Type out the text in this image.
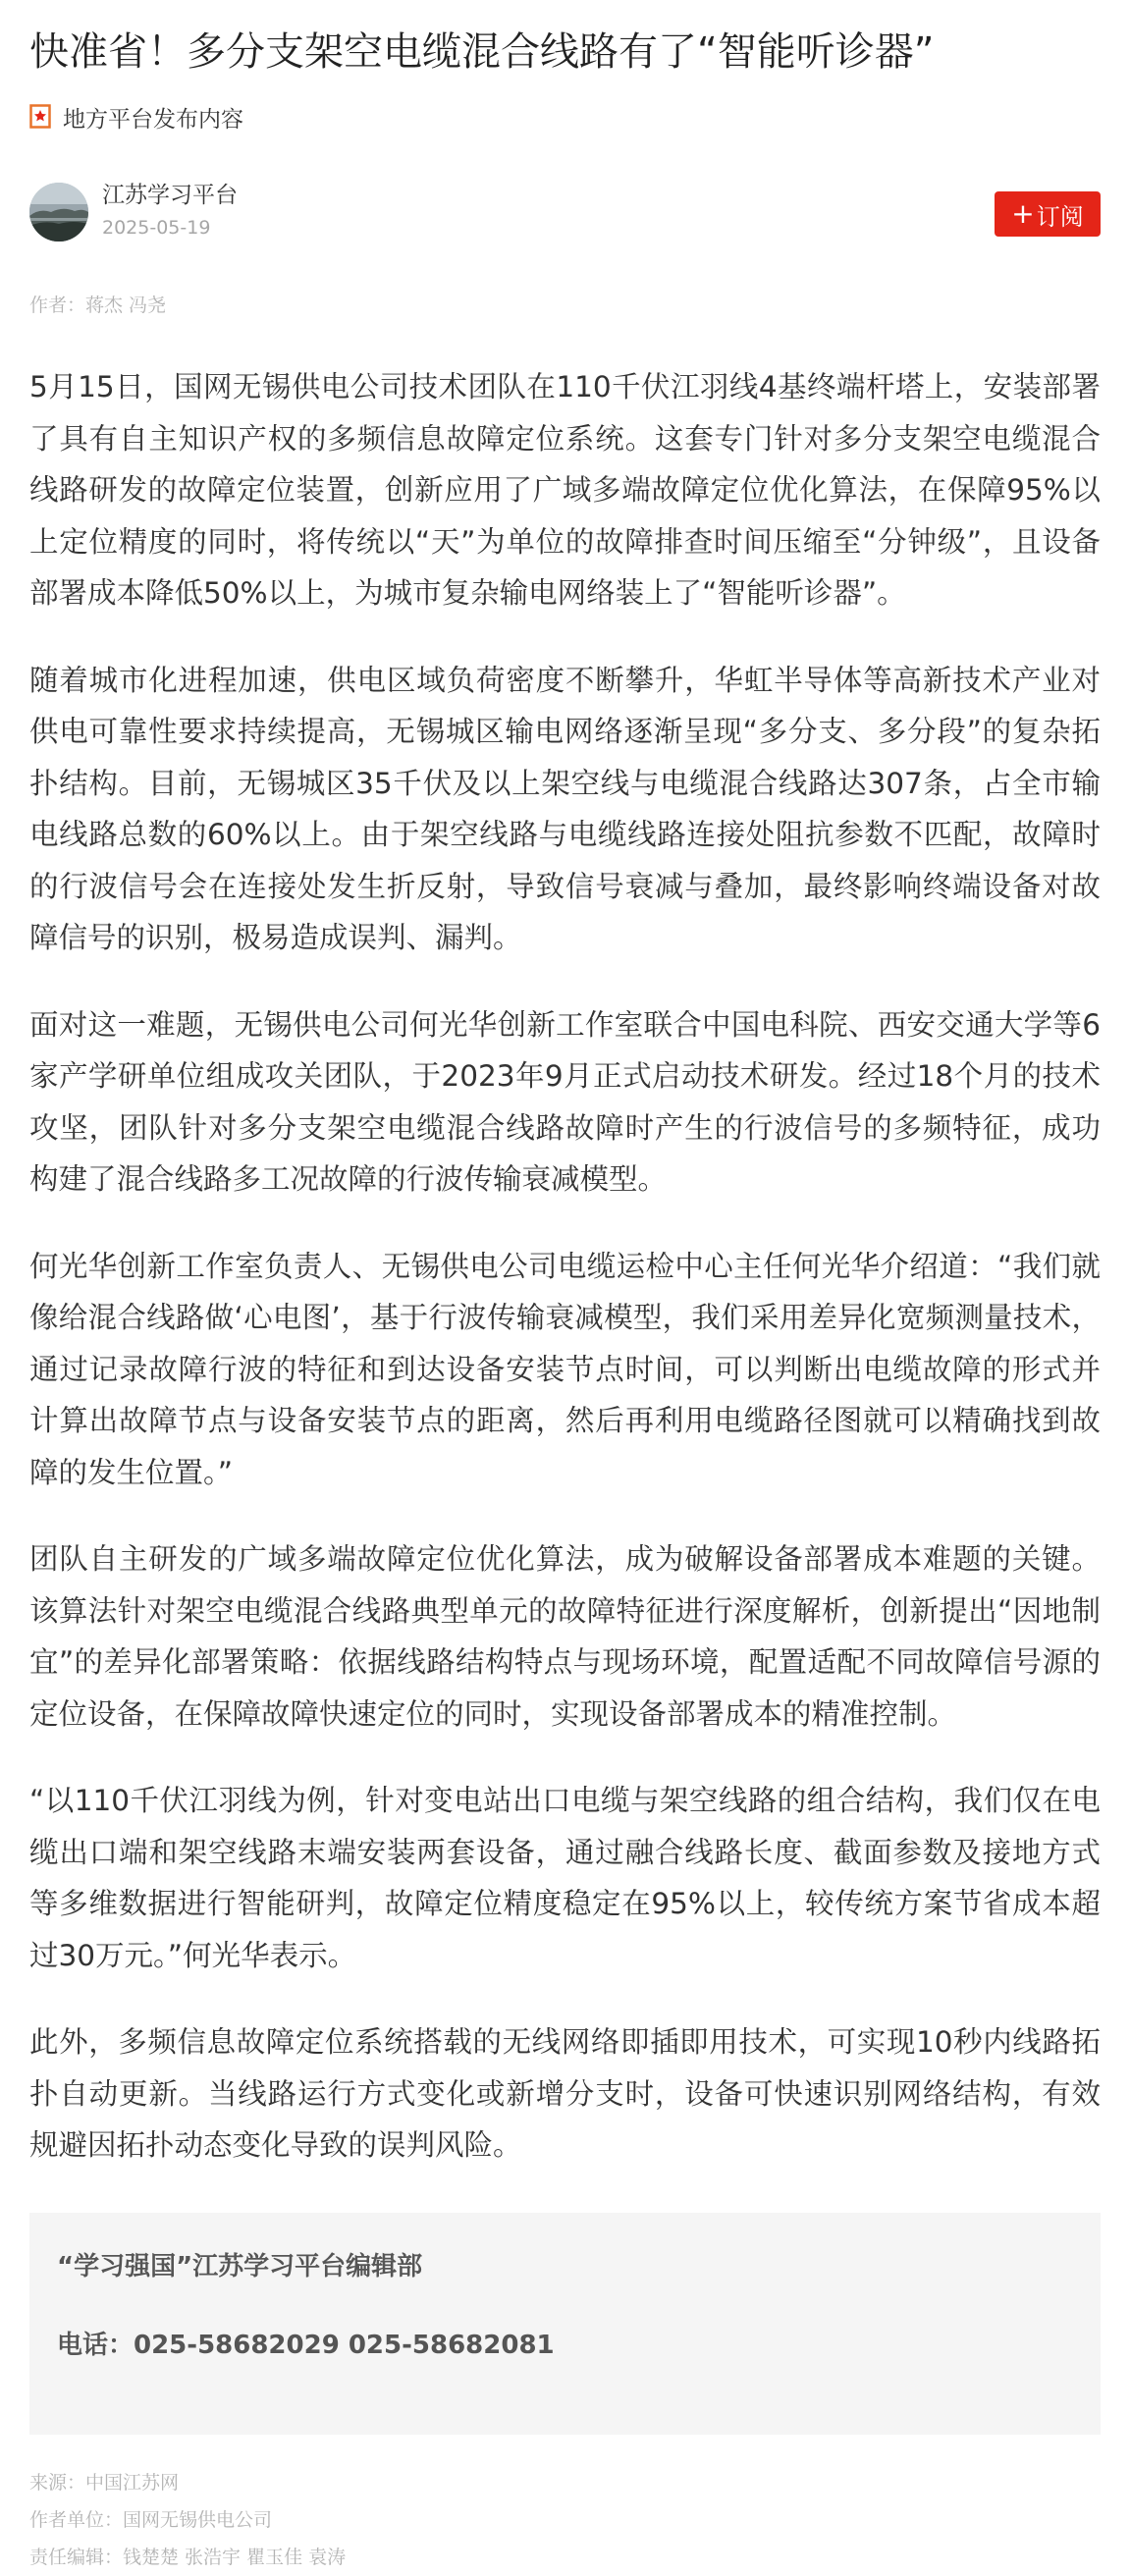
快准省！多分支架空电缆混合线路有了“智能听诊器”
地方平台发布内容
江苏学习平台
2025-05-19	+ 订阅
作者：蒋杰 冯尧

5月15日，国网无锡供电公司技术团队在110千伏江羽线4基终端杆塔上，安装部署了具有自主知识产权的多频信息故障定位系统。这套专门针对多分支架空电缆混合线路研发的故障定位装置，创新应用了广域多端故障定位优化算法，在保障95%以上定位精度的同时，将传统以“天”为单位的故障排查时间压缩至“分钟级”，且设备部署成本降低50%以上，为城市复杂输电网络装上了“智能听诊器”。

随着城市化进程加速，供电区域负荷密度不断攀升，华虹半导体等高新技术产业对供电可靠性要求持续提高，无锡城区输电网络逐渐呈现“多分支、多分段”的复杂拓扑结构。目前，无锡城区35千伏及以上架空线与电缆混合线路达307条，占全市输电线路总数的60%以上。由于架空线路与电缆线路连接处阻抗参数不匹配，故障时的行波信号会在连接处发生折反射，导致信号衰减与叠加，最终影响终端设备对故障信号的识别，极易造成误判、漏判。

面对这一难题，无锡供电公司何光华创新工作室联合中国电科院、西安交通大学等6家产学研单位组成攻关团队，于2023年9月正式启动技术研发。经过18个月的技术攻坚，团队针对多分支架空电缆混合线路故障时产生的行波信号的多频特征，成功构建了混合线路多工况故障的行波传输衰减模型。

何光华创新工作室负责人、无锡供电公司电缆运检中心主任何光华介绍道：“我们就像给混合线路做‘心电图’，基于行波传输衰减模型，我们采用差异化宽频测量技术，通过记录故障行波的特征和到达设备安装节点时间，可以判断出电缆故障的形式并计算出故障节点与设备安装节点的距离，然后再利用电缆路径图就可以精确找到故障的发生位置。”

团队自主研发的广域多端故障定位优化算法，成为破解设备部署成本难题的关键。该算法针对架空电缆混合线路典型单元的故障特征进行深度解析，创新提出“因地制宜”的差异化部署策略：依据线路结构特点与现场环境，配置适配不同故障信号源的定位设备，在保障故障快速定位的同时，实现设备部署成本的精准控制。

“以110千伏江羽线为例，针对变电站出口电缆与架空线路的组合结构，我们仅在电缆出口端和架空线路末端安装两套设备，通过融合线路长度、截面参数及接地方式等多维数据进行智能研判，故障定位精度稳定在95%以上，较传统方案节省成本超过30万元。”何光华表示。

此外，多频信息故障定位系统搭载的无线网络即插即用技术，可实现10秒内线路拓扑自动更新。当线路运行方式变化或新增分支时，设备可快速识别网络结构，有效规避因拓扑动态变化导致的误判风险。

“学习强国”江苏学习平台编辑部
电话：025-58682029 025-58682081
来源：中国江苏网
作者单位：国网无锡供电公司
责任编辑：钱楚楚 张浩宇 瞿玉佳 袁涛
